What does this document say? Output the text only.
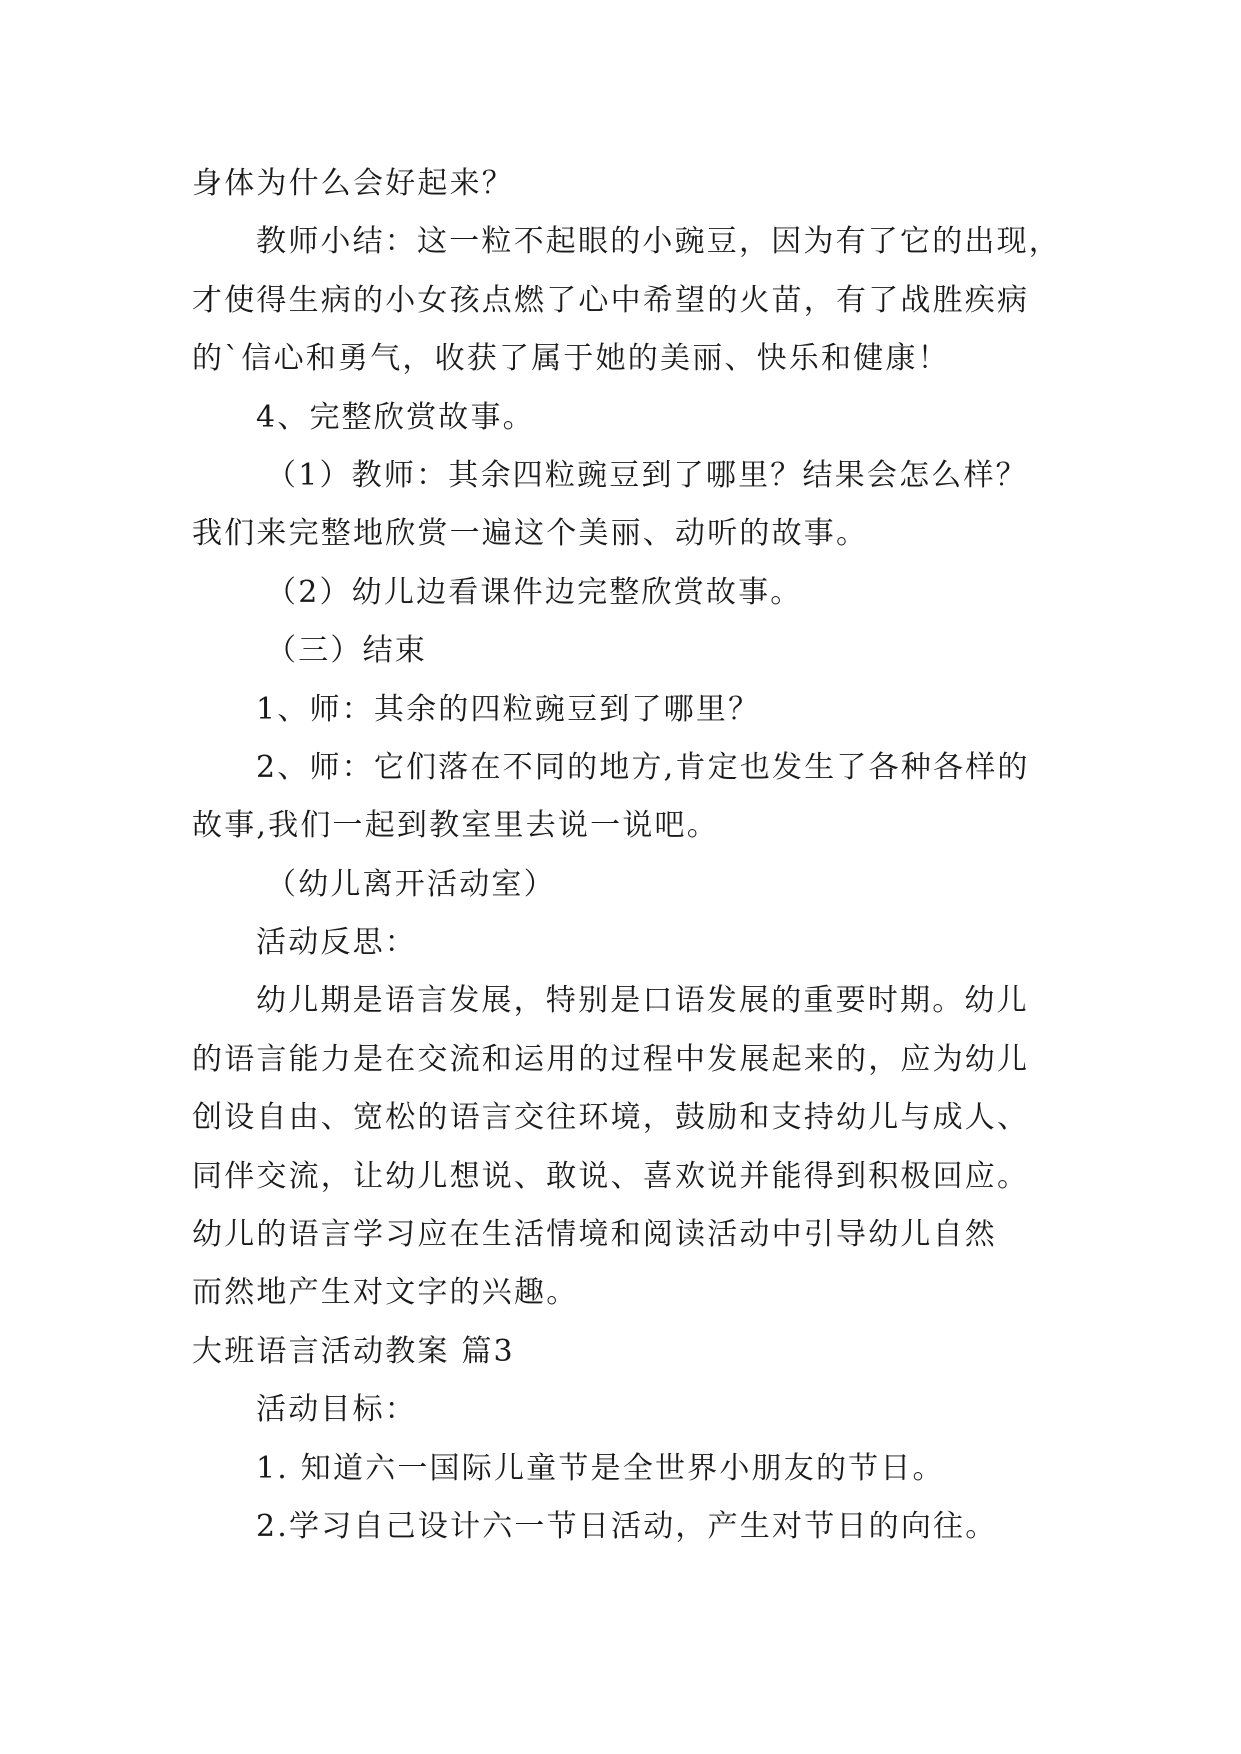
身体为什么会好起来？
教师小结：这一粒不起眼的小豌豆，因为有了它的出现，
才使得生病的小女孩点燃了心中希望的火苗，有了战胜疾病
的`信心和勇气，收获了属于她的美丽、快乐和健康！
4、完整欣赏故事。
（1）教师：其余四粒豌豆到了哪里？结果会怎么样？
我们来完整地欣赏一遍这个美丽、动听的故事。
（2）幼儿边看课件边完整欣赏故事。
（三）结束
1、师：其余的四粒豌豆到了哪里？
2、师：它们落在不同的地方,肯定也发生了各种各样的
故事,我们一起到教室里去说一说吧。
（幼儿离开活动室）
活动反思：
幼儿期是语言发展，特别是口语发展的重要时期。幼儿
的语言能力是在交流和运用的过程中发展起来的，应为幼儿
创设自由、宽松的语言交往环境，鼓励和支持幼儿与成人、
同伴交流，让幼儿想说、敢说、喜欢说并能得到积极回应。
幼儿的语言学习应在生活情境和阅读活动中引导幼儿自然
而然地产生对文字的兴趣。
大班语言活动教案 篇3
活动目标：
1. 知道六一国际儿童节是全世界小朋友的节日。
2.学习自己设计六一节日活动，产生对节日的向往。
